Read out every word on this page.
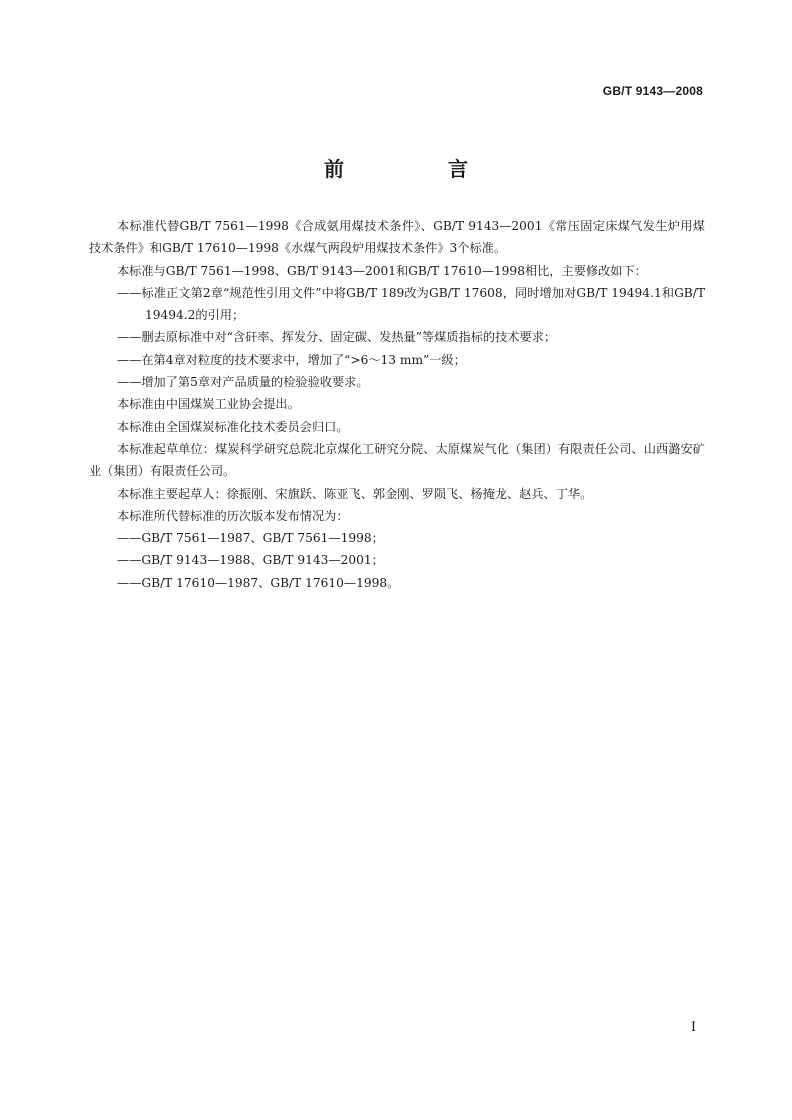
GB/T 9143—2008
前　言

本标准代替GB/T 7561—1998《合成氨用煤技术条件》、GB/T 9143—2001《常压固定床煤气发生炉用煤技术条件》和GB/T 17610—1998《水煤气两段炉用煤技术条件》3个标准。

本标准与GB/T 7561—1998、GB/T 9143—2001和GB/T 17610—1998相比，主要修改如下：

——标准正文第2章“规范性引用文件”中将GB/T 189改为GB/T 17608，同时增加对GB/T 19494.1和GB/T 19494.2的引用；

——删去原标准中对“含矸率、挥发分、固定碳、发热量”等煤质指标的技术要求；

——在第4章对粒度的技术要求中，增加了“>6～13 mm”一级；

——增加了第5章对产品质量的检验验收要求。

本标准由中国煤炭工业协会提出。

本标准由全国煤炭标准化技术委员会归口。

本标准起草单位：煤炭科学研究总院北京煤化工研究分院、太原煤炭气化（集团）有限责任公司、山西潞安矿业（集团）有限责任公司。

本标准主要起草人：徐振刚、宋旗跃、陈亚飞、郭金刚、罗陨飞、杨掩龙、赵兵、丁华。

本标准所代替标准的历次版本发布情况为：

——GB/T 7561—1987、GB/T 7561—1998；

——GB/T 9143—1988、GB/T 9143—2001；

——GB/T 17610—1987、GB/T 17610—1998。

I
